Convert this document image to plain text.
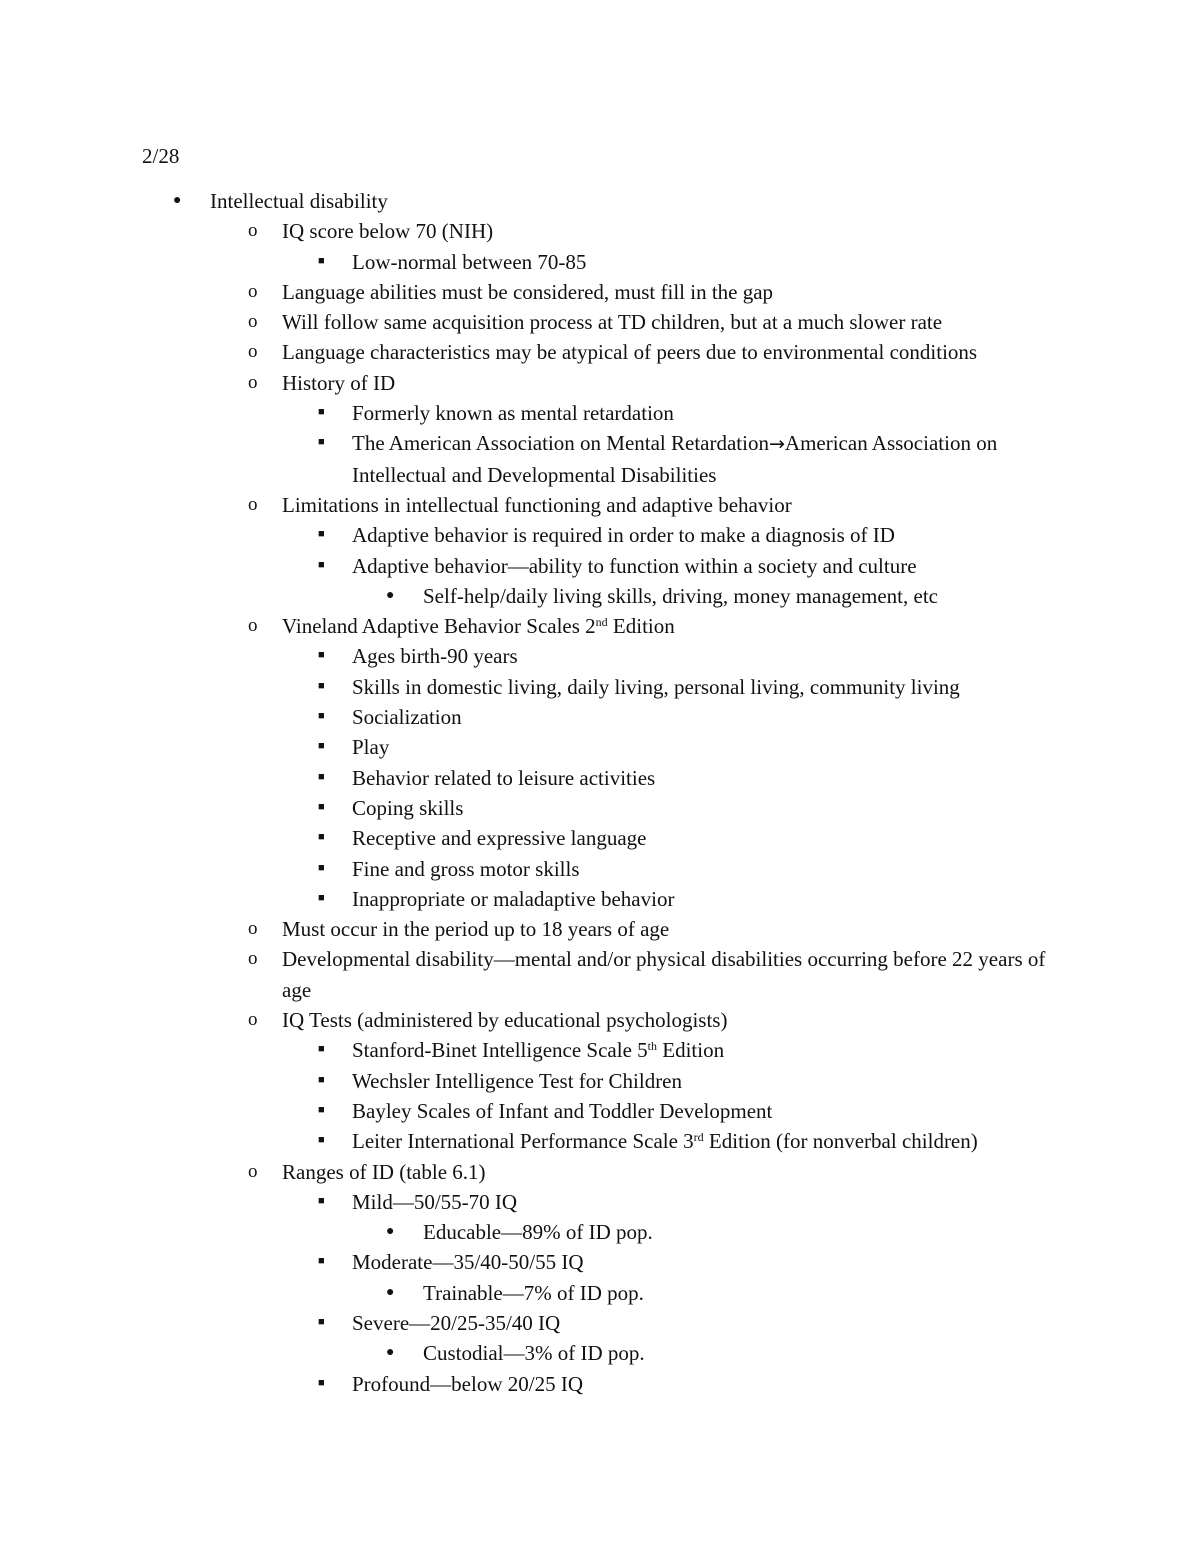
2/28
● Intellectual disability
o IQ score below 70 (NIH)
■ Low-normal between 70-85
o Language abilities must be considered, must fill in the gap
o Will follow same acquisition process at TD children, but at a much slower rate
o Language characteristics may be atypical of peers due to environmental conditions
o History of ID
■ Formerly known as mental retardation
■ The American Association on Mental Retardation→American Association on Intellectual and Developmental Disabilities
o Limitations in intellectual functioning and adaptive behavior
■ Adaptive behavior is required in order to make a diagnosis of ID
■ Adaptive behavior—ability to function within a society and culture
● Self-help/daily living skills, driving, money management, etc
o Vineland Adaptive Behavior Scales 2nd Edition
■ Ages birth-90 years
■ Skills in domestic living, daily living, personal living, community living
■ Socialization
■ Play
■ Behavior related to leisure activities
■ Coping skills
■ Receptive and expressive language
■ Fine and gross motor skills
■ Inappropriate or maladaptive behavior
o Must occur in the period up to 18 years of age
o Developmental disability—mental and/or physical disabilities occurring before 22 years of age
o IQ Tests (administered by educational psychologists)
■ Stanford-Binet Intelligence Scale 5th Edition
■ Wechsler Intelligence Test for Children
■ Bayley Scales of Infant and Toddler Development
■ Leiter International Performance Scale 3rd Edition (for nonverbal children)
o Ranges of ID (table 6.1)
■ Mild—50/55-70 IQ
● Educable—89% of ID pop.
■ Moderate—35/40-50/55 IQ
● Trainable—7% of ID pop.
■ Severe—20/25-35/40 IQ
● Custodial—3% of ID pop.
■ Profound—below 20/25 IQ
